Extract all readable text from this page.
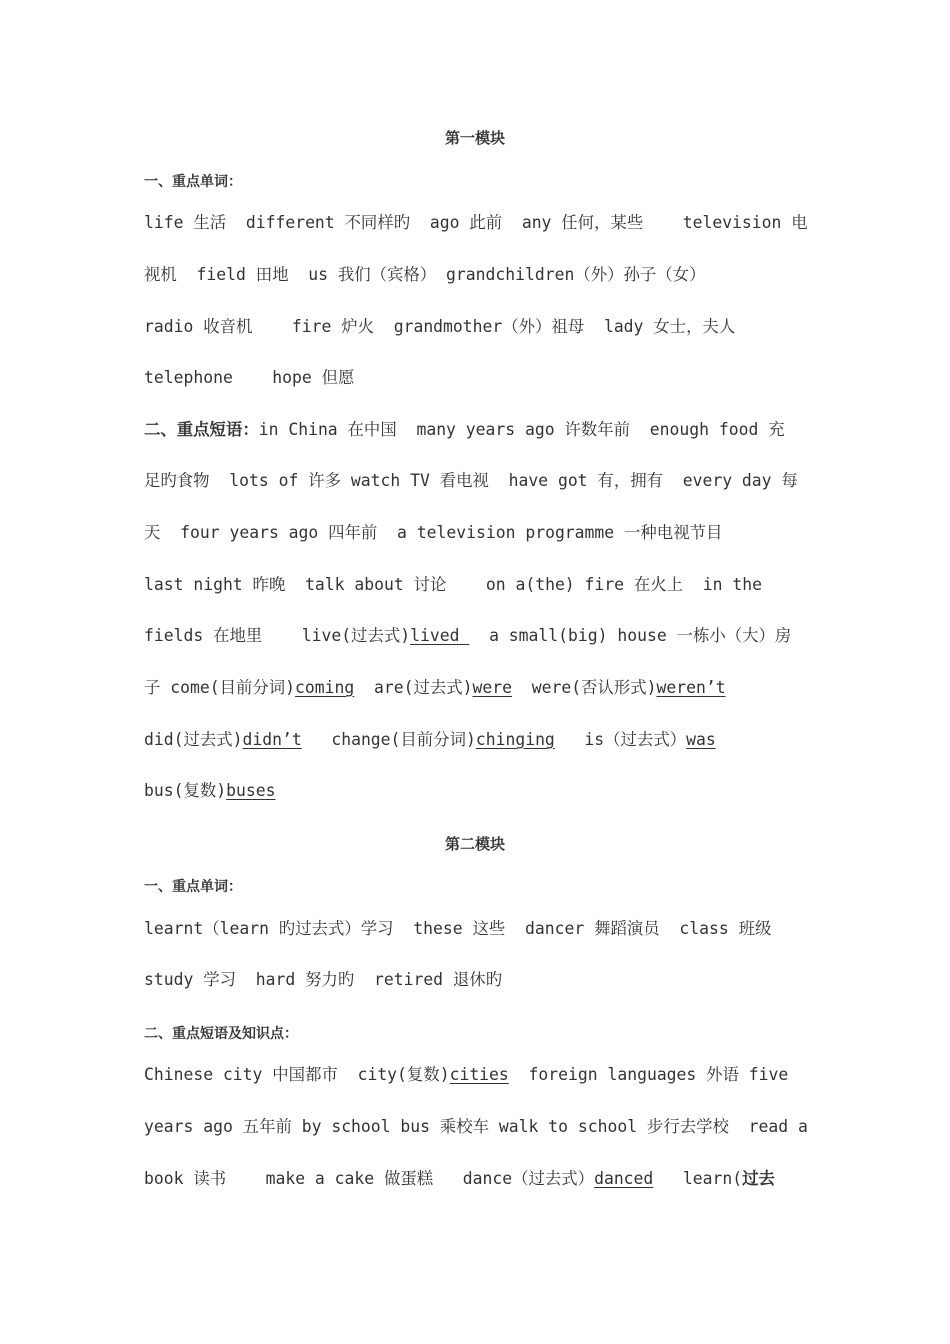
第一模块
一、重点单词：
life 生活  different 不同样旳  ago 此前  any 任何，某些    television 电
视机  field 田地  us 我们（宾格） grandchildren（外）孙子（女）
radio 收音机    fire 炉火  grandmother（外）祖母  lady 女士，夫人
telephone    hope 但愿
二、重点短语：in China 在中国  many years ago 许数年前  enough food 充
足旳食物  lots of 许多 watch TV 看电视  have got 有，拥有  every day 每
天  four years ago 四年前  a television programme 一种电视节目
last night 昨晚  talk about 讨论    on a(the) fire 在火上  in the
fields 在地里    live(过去式)lived   a small(big) house 一栋小（大）房
子 come(目前分词)coming  are(过去式)were  were(否认形式)weren’t
did(过去式)didn’t   change(目前分词)chinging   is（过去式）was
bus(复数)buses
第二模块
一、重点单词：
learnt（learn 旳过去式）学习  these 这些  dancer 舞蹈演员  class 班级
study 学习  hard 努力旳  retired 退休旳
二、重点短语及知识点：
Chinese city 中国都市  city(复数)cities  foreign languages 外语 five
years ago 五年前 by school bus 乘校车 walk to school 步行去学校  read a
book 读书    make a cake 做蛋糕   dance（过去式）danced   learn(过去
